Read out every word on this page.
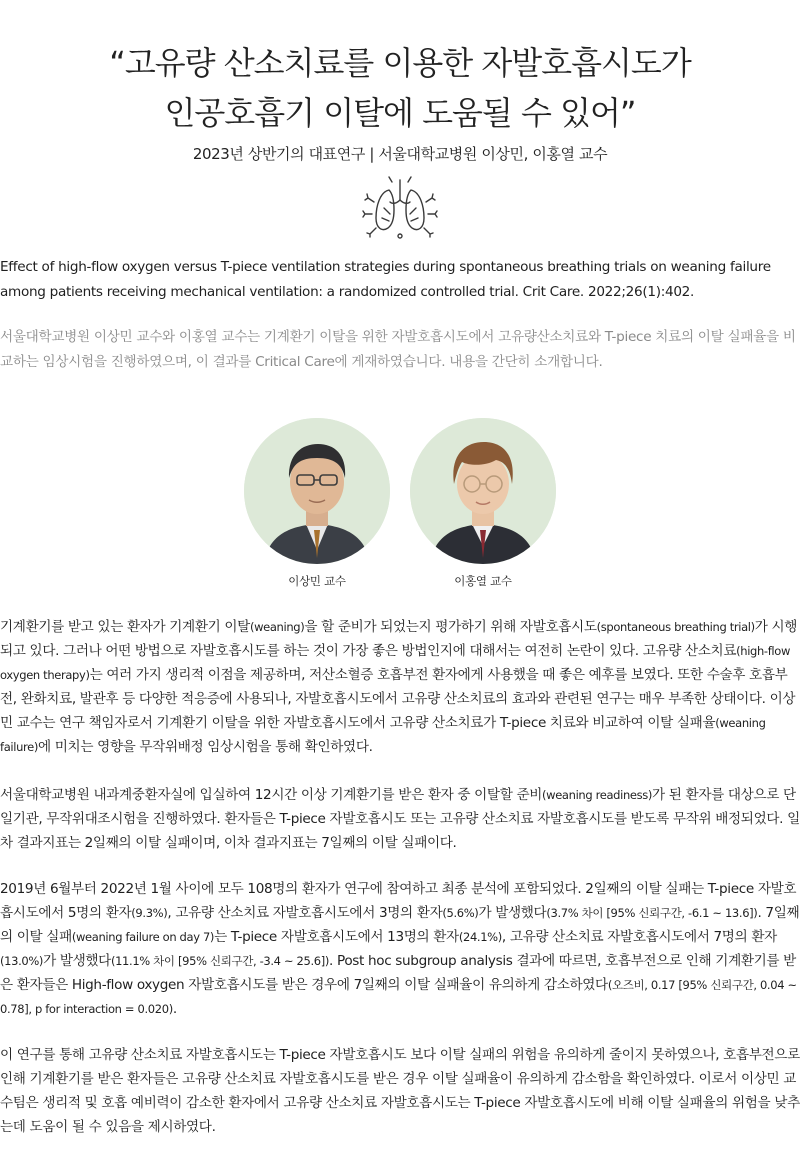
“고유량 산소치료를 이용한 자발호흡시도가
인공호흡기 이탈에 도움될 수 있어”
2023년 상반기의 대표연구 | 서울대학교병원 이상민, 이홍열 교수

Effect of high-flow oxygen versus T-piece ventilation strategies during spontaneous breathing trials on weaning failure among patients receiving mechanical ventilation: a randomized controlled trial. Crit Care. 2022;26(1):402.

서울대학교병원 이상민 교수와 이홍열 교수는 기계환기 이탈을 위한 자발호흡시도에서 고유량산소치료와 T-piece 치료의 이탈 실패율을 비교하는 임상시험을 진행하였으며, 이 결과를 Critical Care에 게재하였습니다. 내용을 간단히 소개합니다.

이상민 교수	이홍열 교수

기계환기를 받고 있는 환자가 기계환기 이탈(weaning)을 할 준비가 되었는지 평가하기 위해 자발호흡시도(spontaneous breathing trial)가 시행되고 있다. 그러나 어떤 방법으로 자발호흡시도를 하는 것이 가장 좋은 방법인지에 대해서는 여전히 논란이 있다. 고유량 산소치료(high-flow oxygen therapy)는 여러 가지 생리적 이점을 제공하며, 저산소혈증 호흡부전 환자에게 사용했을 때 좋은 예후를 보였다. 또한 수술후 호흡부전, 완화치료, 발관후 등 다양한 적응증에 사용되나, 자발호흡시도에서 고유량 산소치료의 효과와 관련된 연구는 매우 부족한 상태이다. 이상민 교수는 연구 책임자로서 기계환기 이탈을 위한 자발호흡시도에서 고유량 산소치료가 T-piece 치료와 비교하여 이탈 실패율(weaning failure)에 미치는 영향을 무작위배정 임상시험을 통해 확인하였다.

서울대학교병원 내과계중환자실에 입실하여 12시간 이상 기계환기를 받은 환자 중 이탈할 준비(weaning readiness)가 된 환자를 대상으로 단일기관, 무작위대조시험을 진행하였다. 환자들은 T-piece 자발호흡시도 또는 고유량 산소치료 자발호흡시도를 받도록 무작위 배정되었다. 일차 결과지표는 2일째의 이탈 실패이며, 이차 결과지표는 7일째의 이탈 실패이다.

2019년 6월부터 2022년 1월 사이에 모두 108명의 환자가 연구에 참여하고 최종 분석에 포함되었다. 2일째의 이탈 실패는 T-piece 자발호흡시도에서 5명의 환자(9.3%), 고유량 산소치료 자발호흡시도에서 3명의 환자(5.6%)가 발생했다(3.7% 차이 [95% 신뢰구간, -6.1 ~ 13.6]). 7일째의 이탈 실패(weaning failure on day 7)는 T-piece 자발호흡시도에서 13명의 환자(24.1%), 고유량 산소치료 자발호흡시도에서 7명의 환자(13.0%)가 발생했다(11.1% 차이 [95% 신뢰구간, -3.4 ~ 25.6]). Post hoc subgroup analysis 결과에 따르면, 호흡부전으로 인해 기계환기를 받은 환자들은 High-flow oxygen 자발호흡시도를 받은 경우에 7일째의 이탈 실패율이 유의하게 감소하였다(오즈비, 0.17 [95% 신뢰구간, 0.04 ~ 0.78], p for interaction = 0.020).

이 연구를 통해 고유량 산소치료 자발호흡시도는 T-piece 자발호흡시도 보다 이탈 실패의 위험을 유의하게 줄이지 못하였으나, 호흡부전으로 인해 기계환기를 받은 환자들은 고유량 산소치료 자발호흡시도를 받은 경우 이탈 실패율이 유의하게 감소함을 확인하였다. 이로서 이상민 교수팀은 생리적 및 호흡 예비력이 감소한 환자에서 고유량 산소치료 자발호흡시도는 T-piece 자발호흡시도에 비해 이탈 실패율의 위험을 낮추는데 도움이 될 수 있음을 제시하였다.
